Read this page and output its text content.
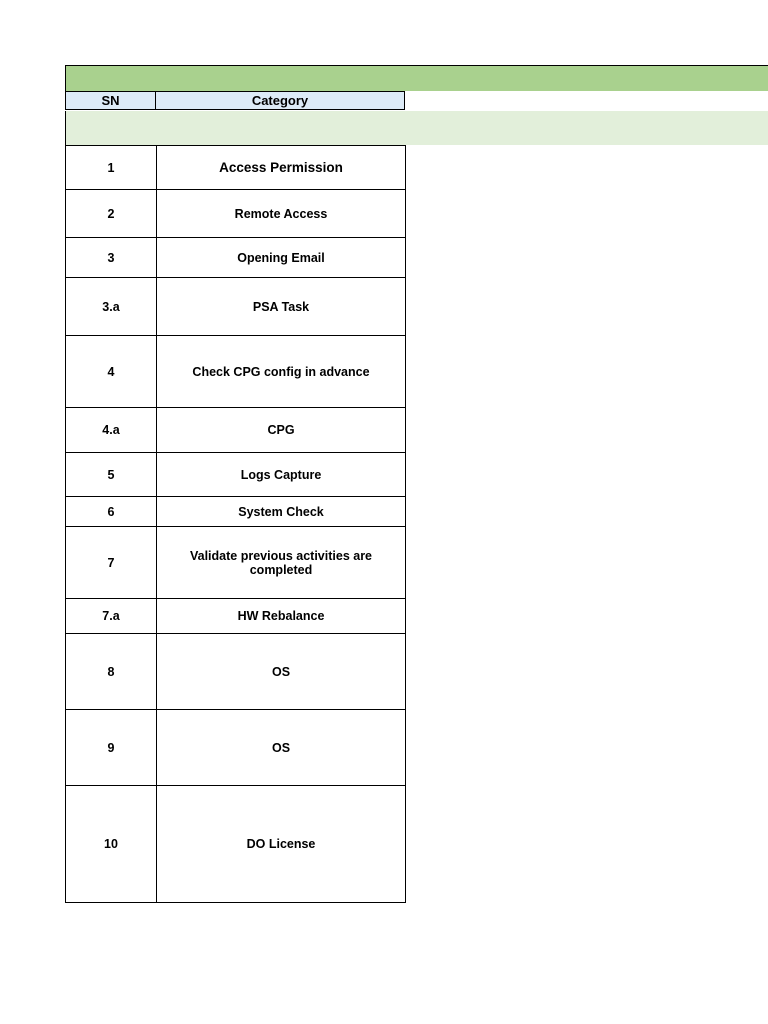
SN	Category
1	Access Permission
2	Remote Access
3	Opening Email
3.a	PSA Task
4	Check CPG config in advance
4.a	CPG
5	Logs Capture
6	System Check
7	Validate previous activities are completed
7.a	HW Rebalance
8	OS
9	OS
10	DO License
